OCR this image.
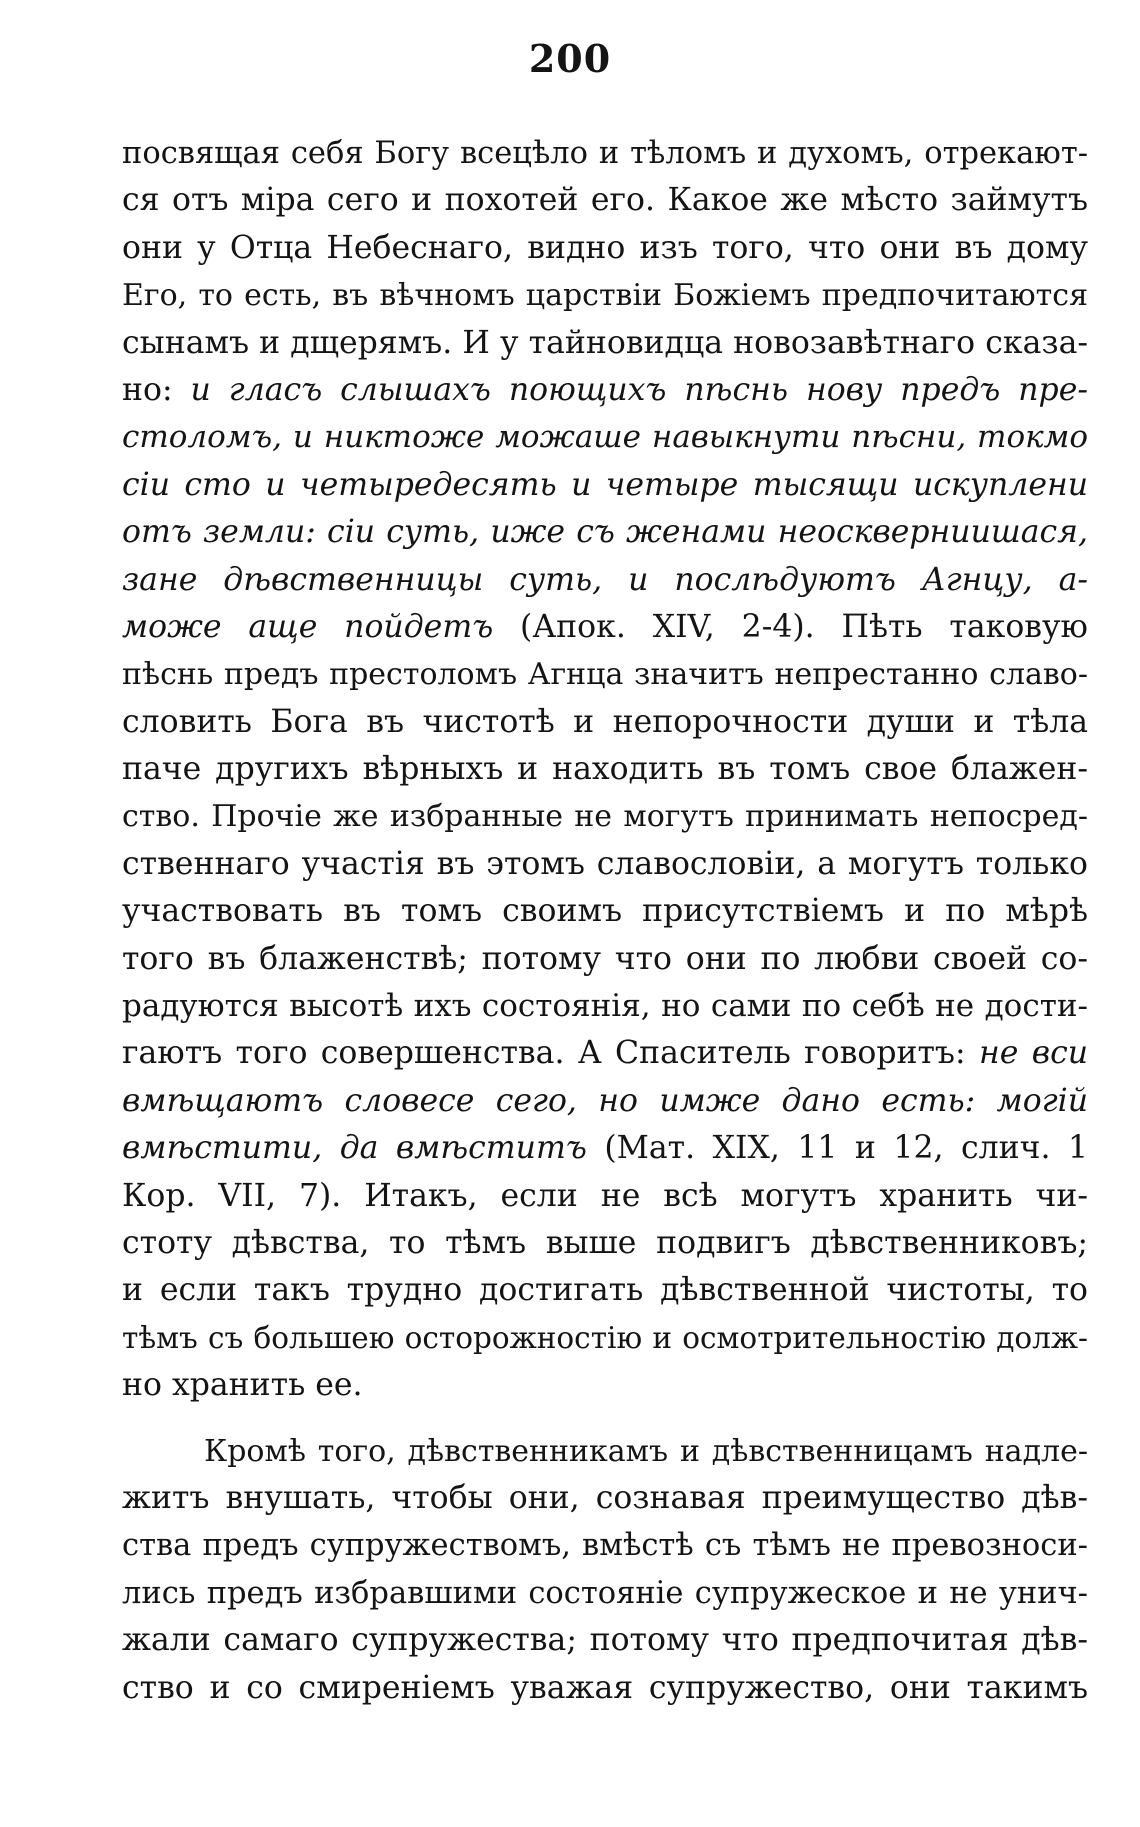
200
посвящая себя Богу всецѣло и тѣломъ и духомъ, отрекают-
ся отъ міра сего и похотей его. Какое же мѣсто займутъ
они у Отца Небеснаго, видно изъ того, что они въ дому
Его, то есть, въ вѣчномъ царствіи Божіемъ предпочитаются
сынамъ и дщерямъ. И у тайновидца новозавѣтнаго сказа-
но: и гласъ слышахъ поющихъ пѣснь нову предъ пре-
столомъ, и никтоже можаше навыкнути пѣсни, токмо
сіи сто и четыредесять и четыре тысящи искуплени
отъ земли: сіи суть, иже съ женами неоскверниишася,
зане дѣвственницы суть, и послѣдуютъ Агнцу, а-
може аще пойдетъ (Апок. XIV, 2-4). Пѣть таковую
пѣснь предъ престоломъ Агнца значитъ непрестанно славо-
словить Бога въ чистотѣ и непорочности души и тѣла
паче другихъ вѣрныхъ и находить въ томъ свое блажен-
ство. Прочіе же избранные не могутъ принимать непосред-
ственнаго участія въ этомъ славословіи, а могутъ только
участвовать въ томъ своимъ присутствіемъ и по мѣрѣ
того въ блаженствѣ; потому что они по любви своей со-
радуются высотѣ ихъ состоянія, но сами по себѣ не дости-
гаютъ того совершенства. А Спаситель говоритъ: не вси
вмѣщаютъ словесе сего, но имже дано есть: могій
вмѣстити, да вмѣститъ (Мат. XIX, 11 и 12, слич. 1
Кор. VII, 7). Итакъ, если не всѣ могутъ хранить чи-
стоту дѣвства, то тѣмъ выше подвигъ дѣвственниковъ;
и если такъ трудно достигать дѣвственной чистоты, то
тѣмъ съ большею осторожностію и осмотрительностію долж-
но хранить ее.
Кромѣ того, дѣвственникамъ и дѣвственницамъ надле-
житъ внушать, чтобы они, сознавая преимущество дѣв-
ства предъ супружествомъ, вмѣстѣ съ тѣмъ не превозноси-
лись предъ избравшими состояніе супружеское и не унич-
жали самаго супружества; потому что предпочитая дѣв-
ство и со смиреніемъ уважая супружество, они такимъ
